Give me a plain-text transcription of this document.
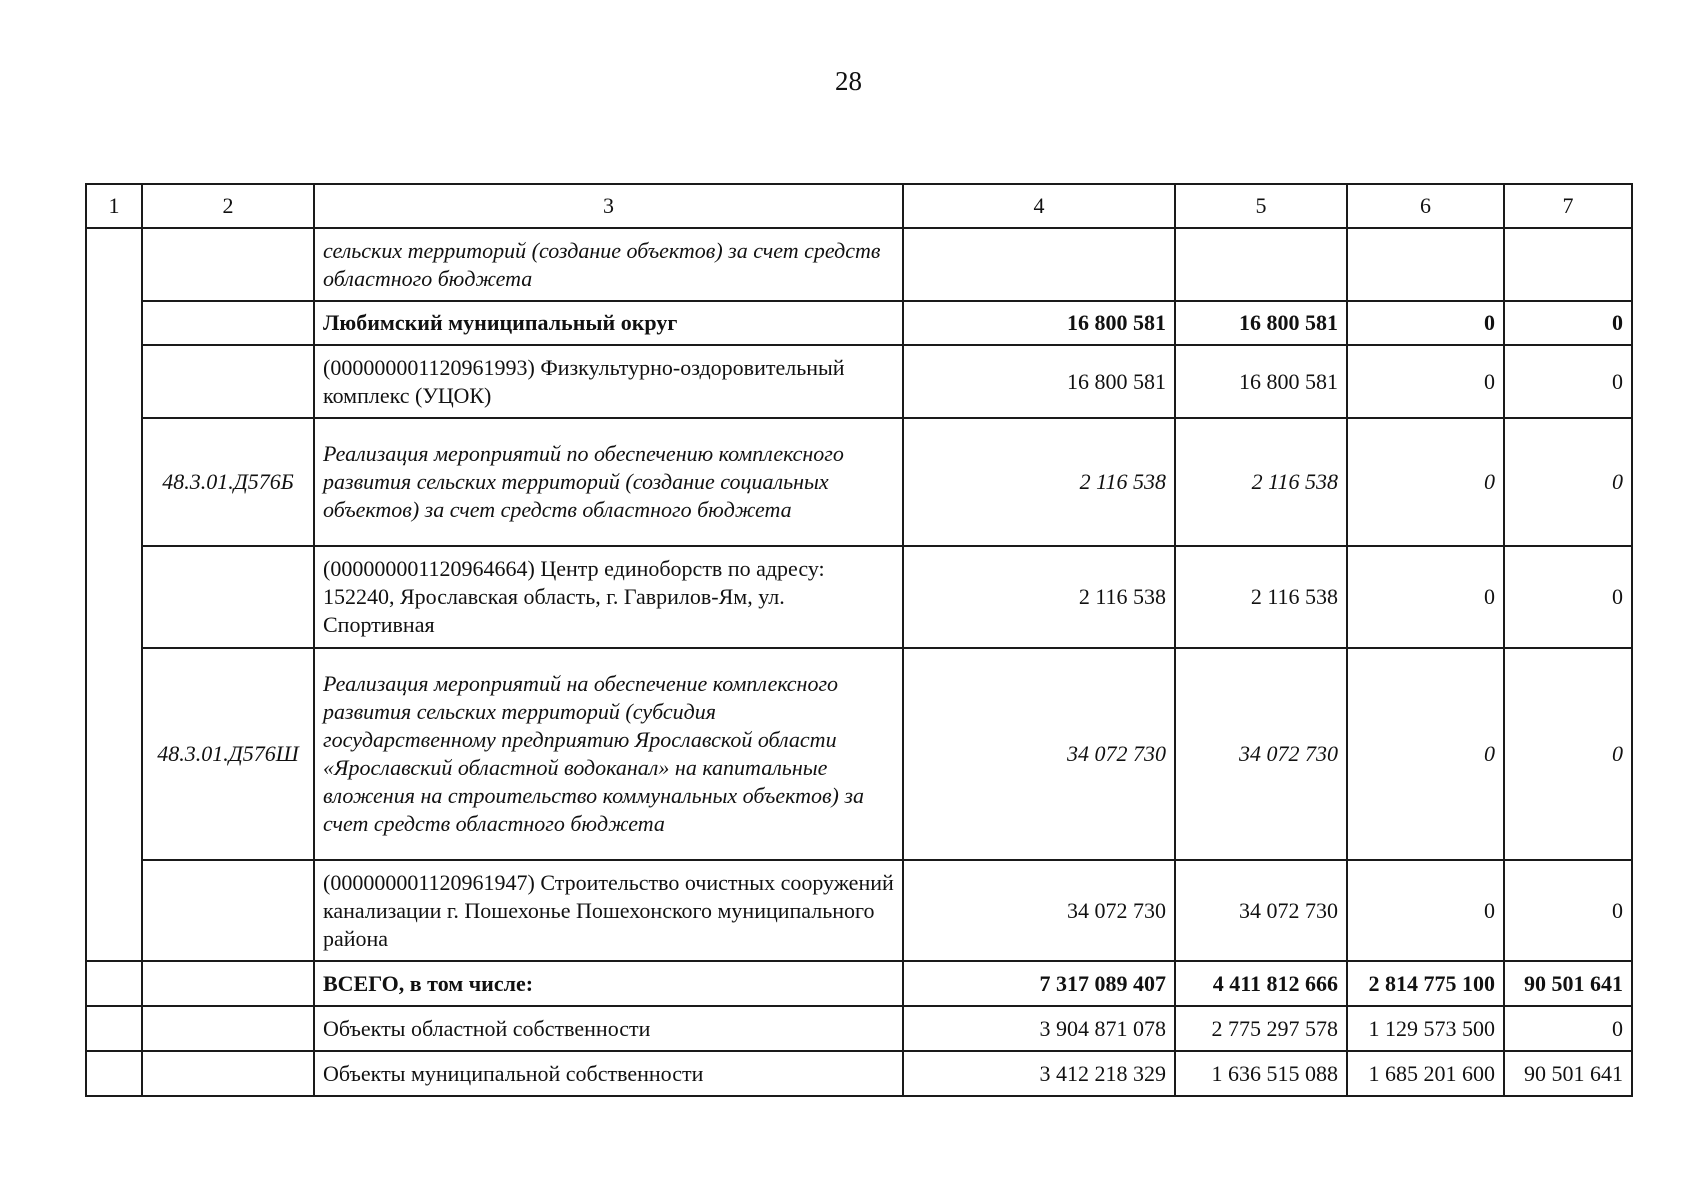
28
1	2	3	4	5	6	7
		сельских территорий (создание объектов) за счет средств областного бюджета				
		Любимский муниципальный округ	16 800 581	16 800 581	0	0
		(000000001120961993) Физкультурно-оздоровительный комплекс (УЦОК)	16 800 581	16 800 581	0	0
	48.3.01.Д576Б	Реализация мероприятий по обеспечению комплексного развития сельских территорий (создание социальных объектов) за счет средств областного бюджета	2 116 538	2 116 538	0	0
		(000000001120964664) Центр единоборств по адресу: 152240, Ярославская область, г. Гаврилов-Ям, ул. Спортивная	2 116 538	2 116 538	0	0
	48.3.01.Д576Ш	Реализация мероприятий на обеспечение комплексного развития сельских территорий (субсидия государственному предприятию Ярославской области «Ярославский областной водоканал» на капитальные вложения на строительство коммунальных объектов) за счет средств областного бюджета	34 072 730	34 072 730	0	0
		(000000001120961947) Строительство очистных сооружений канализации г. Пошехонье Пошехонского муниципального района	34 072 730	34 072 730	0	0
		ВСЕГО, в том числе:	7 317 089 407	4 411 812 666	2 814 775 100	90 501 641
		Объекты областной собственности	3 904 871 078	2 775 297 578	1 129 573 500	0
		Объекты муниципальной собственности	3 412 218 329	1 636 515 088	1 685 201 600	90 501 641
